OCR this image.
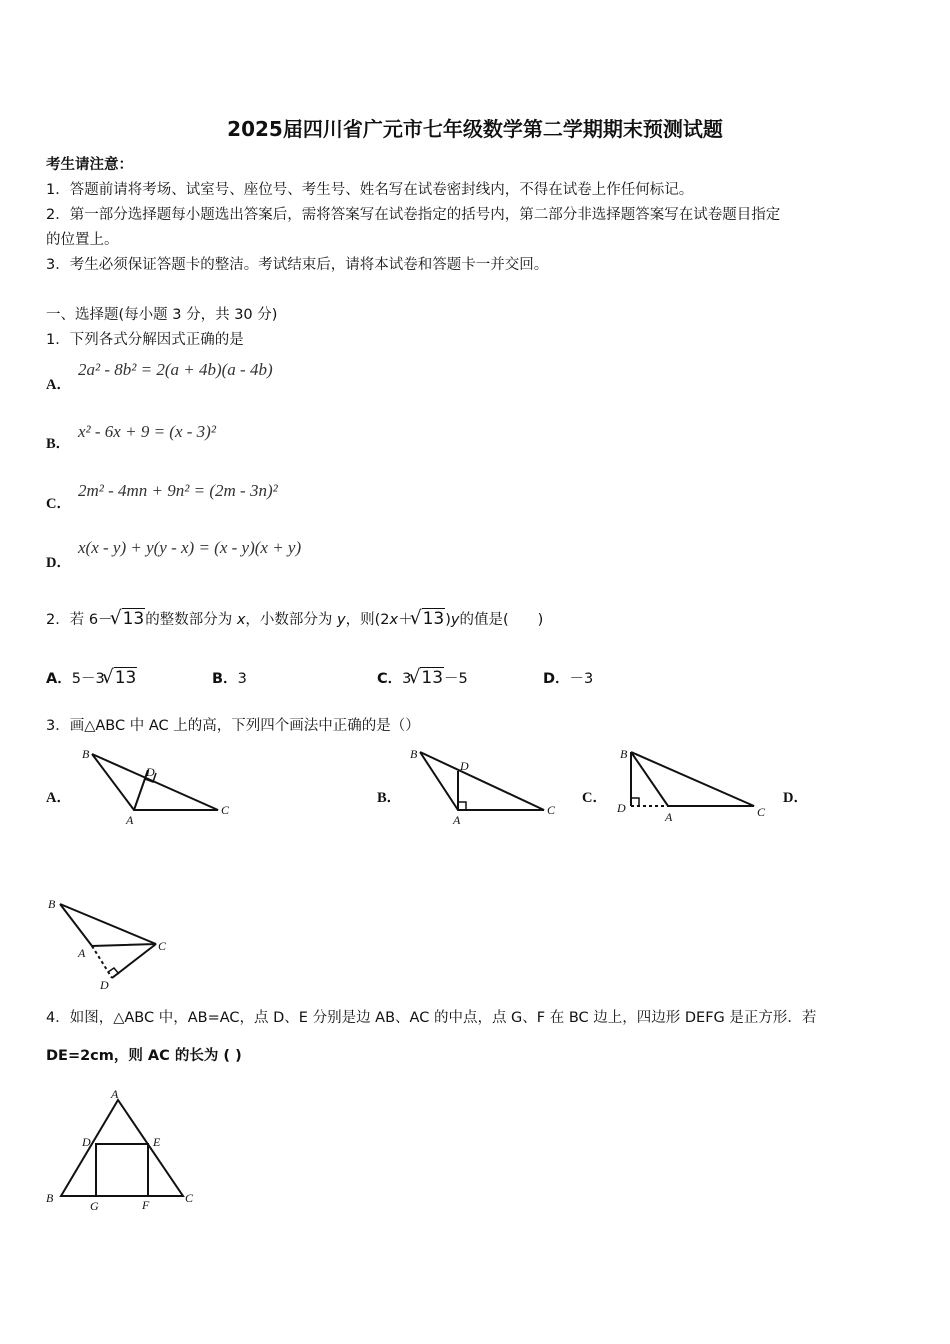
2025届四川省广元市七年级数学第二学期期末预测试题
考生请注意：
1．答题前请将考场、试室号、座位号、考生号、姓名写在试卷密封线内，不得在试卷上作任何标记。
2．第一部分选择题每小题选出答案后，需将答案写在试卷指定的括号内，第二部分非选择题答案写在试卷题目指定
的位置上。
3．考生必须保证答题卡的整洁。考试结束后，请将本试卷和答题卡一并交回。
一、选择题(每小题 3 分，共 30 分)
1．下列各式分解因式正确的是
A．
2a² - 8b² = 2(a + 4b)(a - 4b)
B．
x² - 6x + 9 = (x - 3)²
C．
2m² - 4mn + 9n² = (2m - 3n)²
D．
x(x - y) + y(y - x) = (x - y)(x + y)
2．若 6－ √ 13的整数部分为 x，小数部分为 y，则(2x＋ √ 13)y的值是(　　)
A．5－3 √ 13	B．3	C．3 √ 13－5	D．－3
3．画△ABC 中 AC 上的高，下列四个画法中正确的是（）
A．
B
D
A
C
B．
B
D
A
C
C．
B
D
A	C
D．
B
C
A
D
4．如图，△ABC 中，AB=AC，点 D、E 分别是边 AB、AC 的中点，点 G、F 在 BC 边上，四边形 DEFG 是正方形．若
DE=2cm，则 AC 的长为 ( )
A
D	E
B	C
G	F
